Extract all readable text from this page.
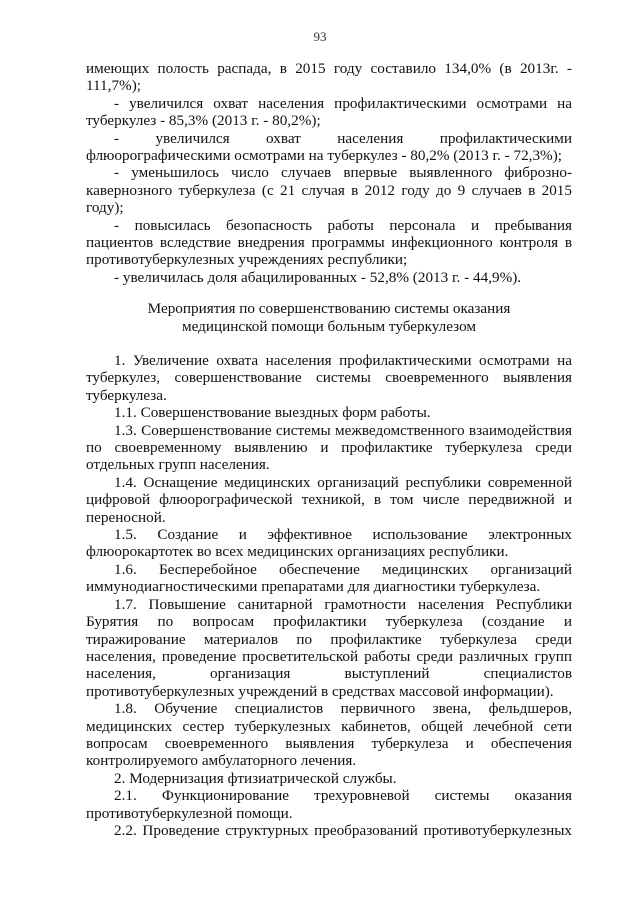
93

имеющих полость распада, в 2015 году составило 134,0% (в 2013г. - 111,7%);

- увеличился охват населения профилактическими осмотрами на туберкулез - 85,3% (2013 г. - 80,2%);

- увеличился охват населения профилактическими флюорографическими осмотрами на туберкулез - 80,2% (2013 г. - 72,3%);

- уменьшилось число случаев впервые выявленного фиброзно-кавернозного туберкулеза (с 21 случая в 2012 году до 9 случаев в 2015 году);

- повысилась безопасность работы персонала и пребывания пациентов вследствие внедрения программы инфекционного контроля в противотуберкулезных учреждениях республики;

- увеличилась доля абацилированных - 52,8% (2013 г. - 44,9%).

Мероприятия по совершенствованию системы оказания
медицинской помощи больным туберкулезом

1. Увеличение охвата населения профилактическими осмотрами на туберкулез, совершенствование системы своевременного выявления туберкулеза.

1.1. Совершенствование выездных форм работы.

1.3. Совершенствование системы межведомственного взаимодействия по своевременному выявлению и профилактике туберкулеза среди отдельных групп населения.

1.4. Оснащение медицинских организаций республики современной цифровой флюорографической техникой, в том числе передвижной и переносной.

1.5. Создание и эффективное использование электронных флюорокартотек во всех медицинских организациях республики.

1.6. Бесперебойное обеспечение медицинских организаций иммунодиагностическими препаратами для диагностики туберкулеза.

1.7. Повышение санитарной грамотности населения Республики Бурятия по вопросам профилактики туберкулеза (создание и тиражирование материалов по профилактике туберкулеза среди населения, проведение просветительской работы среди различных групп населения, организация выступлений специалистов противотуберкулезных учреждений в средствах массовой информации).

1.8. Обучение специалистов первичного звена, фельдшеров, медицинских сестер туберкулезных кабинетов, общей лечебной сети вопросам своевременного выявления туберкулеза и обеспечения контролируемого амбулаторного лечения.

2. Модернизация фтизиатрической службы.

2.1. Функционирование трехуровневой системы оказания противотуберкулезной помощи.

2.2. Проведение структурных преобразований противотуберкулезных
